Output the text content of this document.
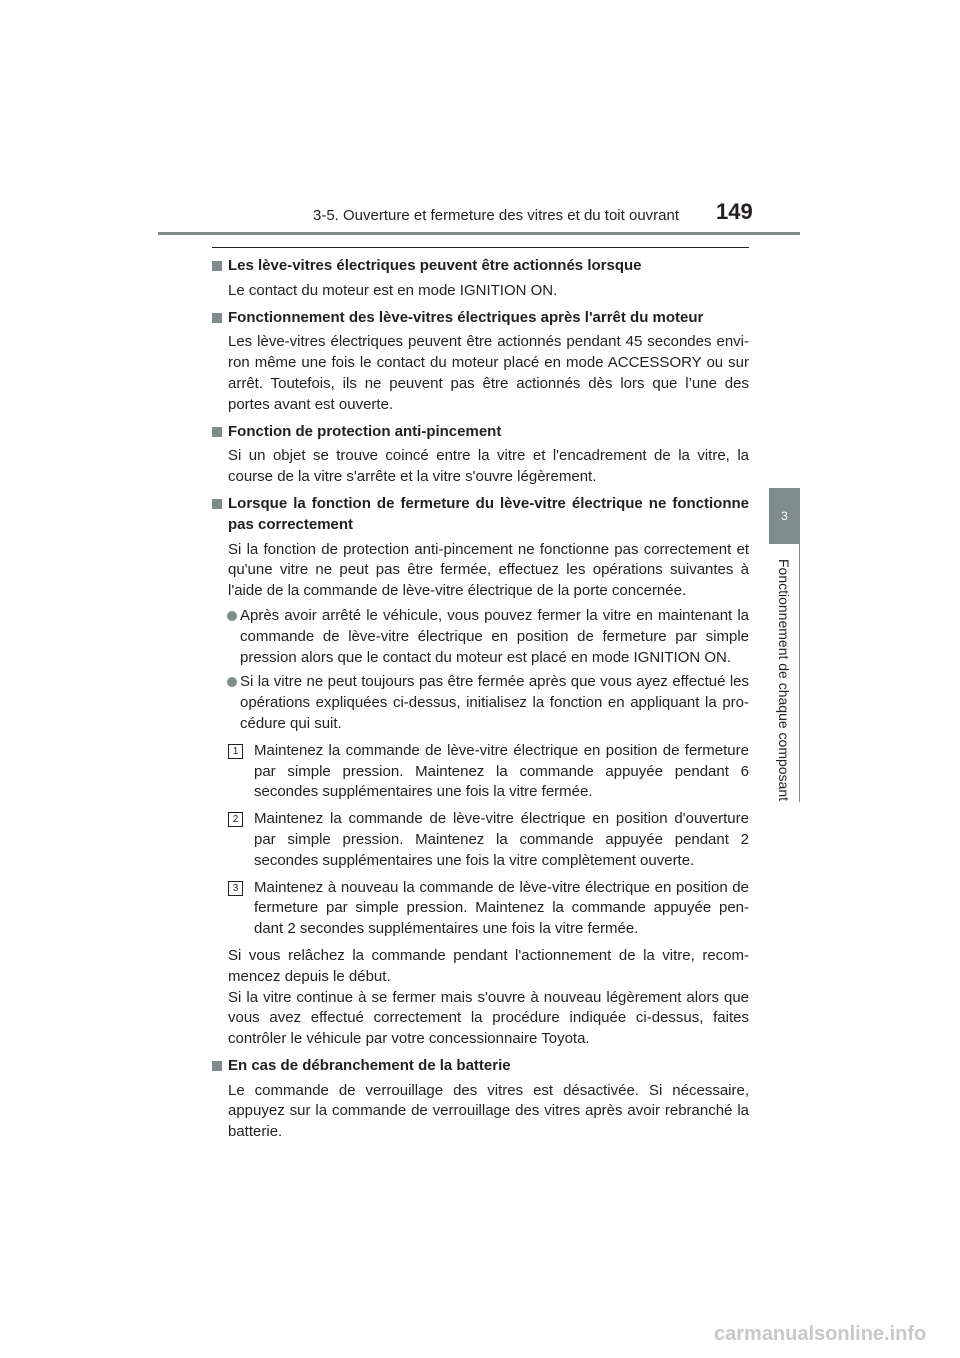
3-5. Ouverture et fermeture des vitres et du toit ouvrant 149
3
Fonctionnement de chaque composant
Les lève-vitres électriques peuvent être actionnés lorsque
Le contact du moteur est en mode IGNITION ON.
Fonctionnement des lève-vitres électriques après l'arrêt du moteur
Les lève-vitres électriques peuvent être actionnés pendant 45 secondes envi-ron même une fois le contact du moteur placé en mode ACCESSORY ou sur arrêt. Toutefois, ils ne peuvent pas être actionnés dès lors que l’une des portes avant est ouverte.
Fonction de protection anti-pincement
Si un objet se trouve coincé entre la vitre et l'encadrement de la vitre, la course de la vitre s'arrête et la vitre s'ouvre légèrement.
Lorsque la fonction de fermeture du lève-vitre électrique ne fonctionne pas correctement
Si la fonction de protection anti-pincement ne fonctionne pas correctement et qu'une vitre ne peut pas être fermée, effectuez les opérations suivantes à l'aide de la commande de lève-vitre électrique de la porte concernée.
Après avoir arrêté le véhicule, vous pouvez fermer la vitre en maintenant la commande de lève-vitre électrique en position de fermeture par simple pression alors que le contact du moteur est placé en mode IGNITION ON.
Si la vitre ne peut toujours pas être fermée après que vous ayez effectué les opérations expliquées ci-dessus, initialisez la fonction en appliquant la pro-cédure qui suit.
1	Maintenez la commande de lève-vitre électrique en position de fermeture par simple pression. Maintenez la commande appuyée pendant 6 secondes supplémentaires une fois la vitre fermée.
2	Maintenez la commande de lève-vitre électrique en position d'ouverture par simple pression. Maintenez la commande appuyée pendant 2 secondes supplémentaires une fois la vitre complètement ouverte.
3	Maintenez à nouveau la commande de lève-vitre électrique en position de fermeture par simple pression. Maintenez la commande appuyée pen-dant 2 secondes supplémentaires une fois la vitre fermée.
Si vous relâchez la commande pendant l'actionnement de la vitre, recom-mencez depuis le début.
Si la vitre continue à se fermer mais s'ouvre à nouveau légèrement alors que vous avez effectué correctement la procédure indiquée ci-dessus, faites contrôler le véhicule par votre concessionnaire Toyota.
En cas de débranchement de la batterie
Le commande de verrouillage des vitres est désactivée. Si nécessaire, appuyez sur la commande de verrouillage des vitres après avoir rebranché la batterie.
carmanualsonline.info
